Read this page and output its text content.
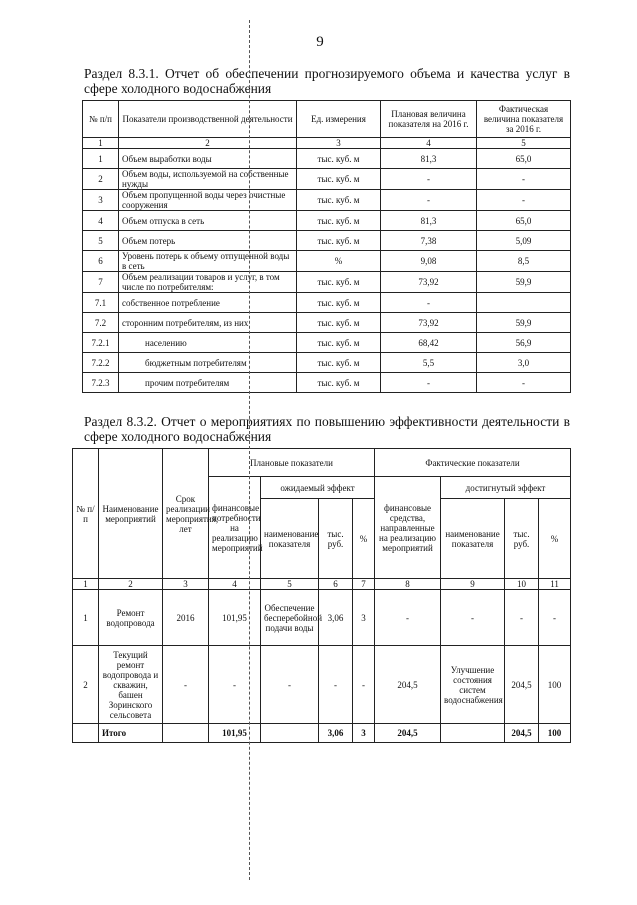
9
Раздел 8.3.1. Отчет об обеспечении прогнозируемого объема и качества услуг в сфере холодного водоснабжения
№ п/п	Показатели производственной деятельности	Ед. измерения	Плановая величина показателя на 2016 г.	Фактическая величина показателя за 2016 г.
1	2	3	4	5
1	Объем выработки воды	тыс. куб. м	81,3	65,0
2	Объем воды, используемой на собственные нужды	тыс. куб. м	-	-
3	Объем пропущенной воды через очистные сооружения	тыс. куб. м	-	-
4	Объем отпуска в сеть	тыс. куб. м	81,3	65,0
5	Объем потерь	тыс. куб. м	7,38	5,09
6	Уровень потерь к объему отпущенной воды в сеть	%	9,08	8,5
7	Объем реализации товаров и услуг, в том числе по потребителям:	тыс. куб. м	73,92	59,9
7.1	собственное потребление	тыс. куб. м	-	
7.2	сторонним потребителям, из них	тыс. куб. м	73,92	59,9
7.2.1	населению	тыс. куб. м	68,42	56,9
7.2.2	бюджетным потребителям	тыс. куб. м	5,5	3,0
7.2.3	прочим потребителям	тыс. куб. м	-	-
Раздел 8.3.2. Отчет о мероприятиях по повышению эффективности деятельности в сфере холодного водоснабжения
№ п/п	Наименование мероприятий	Срок реализации мероприятия, лет	Плановые показатели				Фактические показатели			
			финансовые потребности на реализацию мероприятий	ожидаемый эффект			финансовые средства, направленные на реализацию мероприятий	достигнутый эффект		
				наименование показателя	тыс. руб.	%		наименование показателя	тыс. руб.	%
1	2	3	4	5	6	7	8	9	10	11
1	Ремонт водопровода	2016	101,95	Обеспечение бесперебойной подачи воды	3,06	3	-	-	-	-
2	Текущий ремонт водопровода и скважин, башен Зоринского сельсовета	-	-	-	-	-	204,5	Улучшение состояния систем водоснабжения	204,5	100
	Итого		101,95		3,06	3	204,5		204,5	100
